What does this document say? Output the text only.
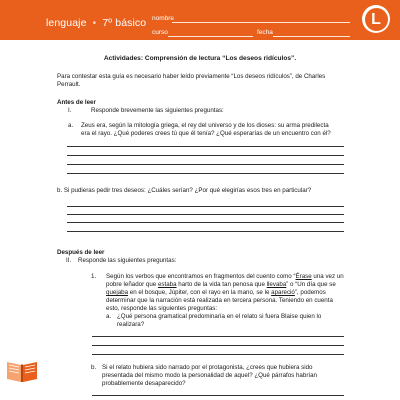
lenguaje • 7º básico nombre
curso	fecha
L
Actividades: Comprensión de lectura “Los deseos ridículos”.
Para contestar esta guía es necesario haber leído previamente “Los deseos ridículos”, de Charles
Perrault.
Antes de leer
I.	Responde brevemente las siguientes preguntas:
a. Zeus era, según la mitología griega, el rey del universo y de los dioses: su arma predilecta
era el rayo. ¿Qué poderes crees tú que él tenía? ¿Qué esperarías de un encuentro con él?
b. Si pudieras pedir tres deseos: ¿Cuáles serían? ¿Por qué elegirías esos tres en particular?
Después de leer
II. Responde las siguientes preguntas:
1. Según los verbos que encontramos en fragmentos del cuento como “Érase una vez un
pobre leñador que estaba harto de la vida tan penosa que llevaba” o “Un día que se
quejaba en el bosque, Júpiter, con el rayo en la mano, se le apareció”, podemos
determinar que la narración está realizada en tercera persona. Teniendo en cuenta
esto, responde las siguientes preguntas:
a. ¿Qué persona gramatical predominaría en el relato si fuera Blaise quien lo
realizara?
b. Si el relato hubiera sido narrado por el protagonista, ¿crees que hubiera sido
presentada del mismo modo la personalidad de aquel? ¿Qué párrafos habrían
probablemente desaparecido?
